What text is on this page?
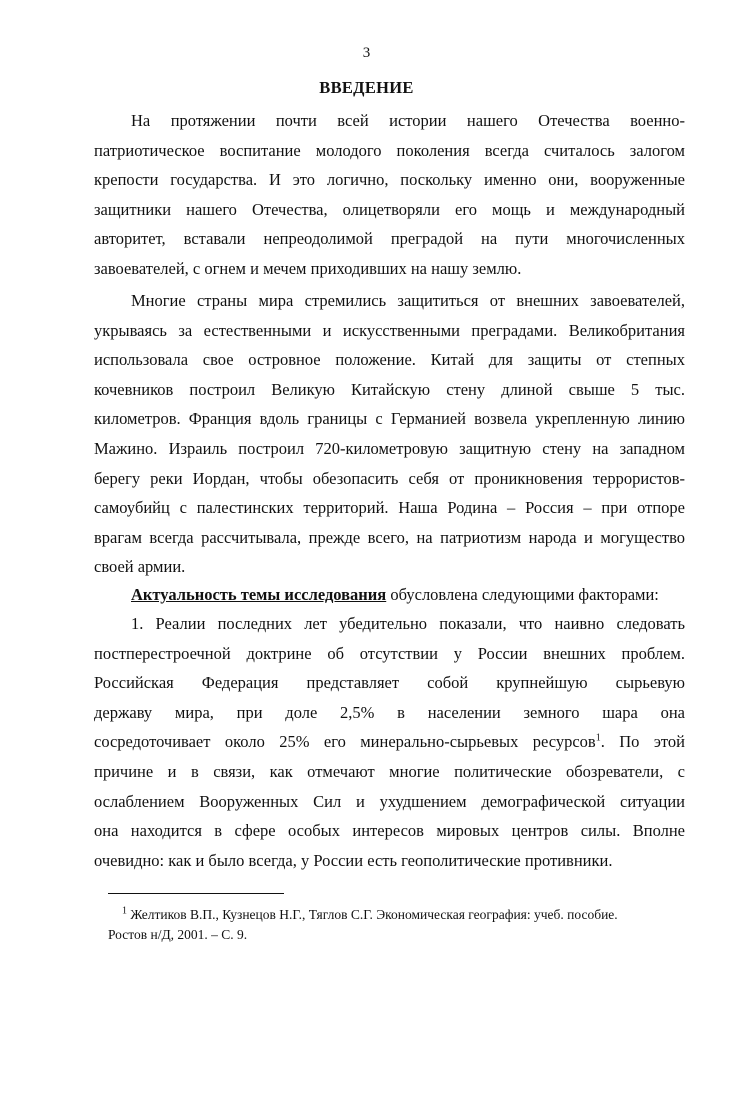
3
ВВЕДЕНИЕ
На протяжении почти всей истории нашего Отечества военно-
патриотическое воспитание молодого поколения всегда считалось залогом
крепости государства. И это логично, поскольку именно они, вооруженные
защитники нашего Отечества, олицетворяли его мощь и международный
авторитет, вставали непреодолимой преградой на пути многочисленных
завоевателей, с огнем и мечем приходивших на нашу землю.
Многие страны мира стремились защититься от внешних завоевателей,
укрываясь за естественными и искусственными преградами. Великобритания
использовала свое островное положение. Китай для защиты от степных
кочевников построил Великую Китайскую стену длиной свыше 5 тыс.
километров. Франция вдоль границы с Германией возвела укрепленную линию
Мажино. Израиль построил 720-километровую защитную стену на западном
берегу реки Иордан, чтобы обезопасить себя от проникновения террористов-
самоубийц с палестинских территорий. Наша Родина – Россия – при отпоре
врагам всегда рассчитывала, прежде всего, на патриотизм народа и могущество
своей армии.
Актуальность темы исследования обусловлена следующими факторами:
1. Реалии последних лет убедительно показали, что наивно следовать
постперестроечной доктрине об отсутствии у России внешних проблем.
Российская Федерация представляет собой крупнейшую сырьевую
державу мира, при доле 2,5% в населении земного шара она
сосредоточивает около 25% его минерально-сырьевых ресурсов$^1$. По этой
причине и в связи, как отмечают многие политические обозреватели, с
ослаблением Вооруженных Сил и ухудшением демографической ситуации
она находится в сфере особых интересов мировых центров силы. Вполне
очевидно: как и было всегда, у России есть геополитические противники.
$^1$ Желтиков В.П., Кузнецов Н.Г., Тяглов С.Г. Экономическая география: учеб. пособие.
Ростов н/Д, 2001. – С. 9.
